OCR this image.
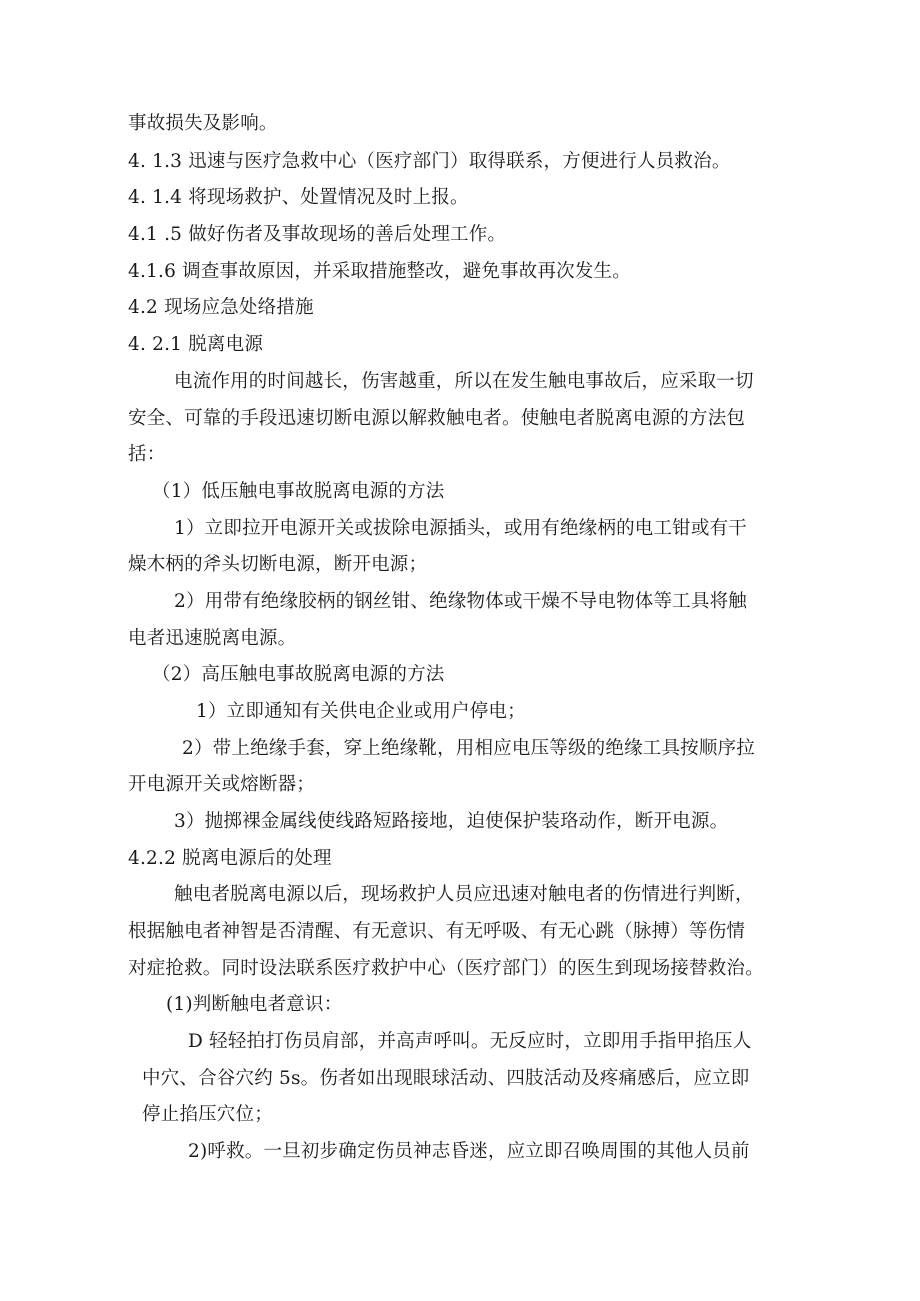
事故损失及影响。
4. 1.3 迅速与医疗急救中心（医疗部门）取得联系，方便进行人员救治。
4. 1.4 将现场救护、处置情况及时上报。
4.1 .5 做好伤者及事故现场的善后处理工作。
4.1.6 调查事故原因，并采取措施整改，避免事故再次发生。
4.2 现场应急处络措施
4. 2.1 脱离电源
电流作用的时间越长，伤害越重，所以在发生触电事故后，应采取一切
安全、可靠的手段迅速切断电源以解救触电者。使触电者脱离电源的方法包
括：
（1）低压触电事故脱离电源的方法
1）立即拉开电源开关或拔除电源插头，或用有绝缘柄的电工钳或有干
燥木柄的斧头切断电源，断开电源；
2）用带有绝缘胶柄的钢丝钳、绝缘物体或干燥不导电物体等工具将触
电者迅速脱离电源。
（2）高压触电事故脱离电源的方法
1）立即通知有关供电企业或用户停电；
2）带上绝缘手套，穿上绝缘靴，用相应电压等级的绝缘工具按顺序拉
开电源开关或熔断器；
3）抛掷裸金属线使线路短路接地，迫使保护装珞动作，断开电源。
4.2.2 脱离电源后的处理
触电者脱离电源以后，现场救护人员应迅速对触电者的伤情进行判断，
根据触电者神智是否清醒、有无意识、有无呼吸、有无心跳（脉搏）等伤情
对症抢救。同时设法联系医疗救护中心（医疗部门）的医生到现场接替救治。
(1)判断触电者意识：
D 轻轻拍打伤员肩部，并高声呼叫。无反应时，立即用手指甲掐压人
中穴、合谷穴约 5s。伤者如出现眼球活动、四肢活动及疼痛感后，应立即
停止掐压穴位；
2)呼救。一旦初步确定伤员神志昏迷，应立即召唤周围的其他人员前
